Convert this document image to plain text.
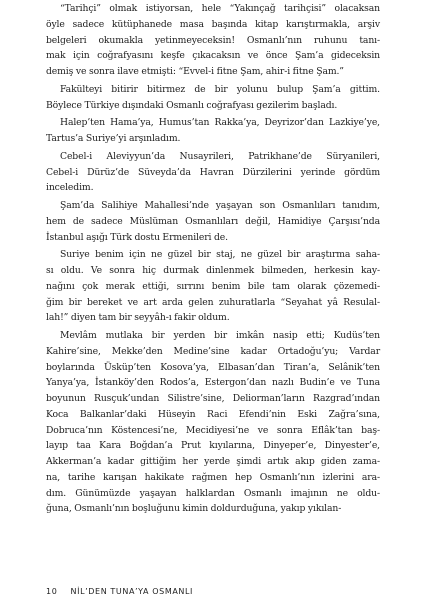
“Tarihçi” olmak istiyorsan, hele “Yakınçağ tarihçisi” olacaksan
öyle sadece kütüphanede masa başında kitap karıştırmakla, arşiv
belgeleri okumakla yetinmeyeceksin! Osmanlı’nın ruhunu tanı-
mak için coğrafyasını keşfe çıkacaksın ve önce Şam’a gideceksin
demiş ve sonra ilave etmişti: “Evvel-i fitne Şam, ahir-i fitne Şam.”
Fakülteyi bitirir bitirmez de bir yolunu bulup Şam’a gittim.
Böylece Türkiye dışındaki Osmanlı coğrafyası gezilerim başladı.
Halep’ten Hama’ya, Humus’tan Rakka’ya, Deyrizor’dan Lazkiye’ye,
Tartus’a Suriye’yi arşınladım.
Cebel-i Aleviyyun’da Nusayrileri, Patrikhane’de Süryanileri,
Cebel-i Dürüz’de Süveyda’da Havran Dürzilerini yerinde gördüm
inceledim.
Şam’da Salihiye Mahallesi’nde yaşayan son Osmanlıları tanıdım,
hem de sadece Müslüman Osmanlıları değil, Hamidiye Çarşısı’nda
İstanbul aşığı Türk dostu Ermenileri de.
Suriye benim için ne güzel bir staj, ne güzel bir araştırma saha-
sı oldu. Ve sonra hiç durmak dinlenmek bilmeden, herkesin kay-
nağını çok merak ettiği, sırrını benim bile tam olarak çözemedi-
ğim bir bereket ve art arda gelen zuhuratlarla “Seyahat yâ Resulal-
lah!” diyen tam bir seyyâh-ı fakir oldum.
Mevlâm mutlaka bir yerden bir imkân nasip etti; Kudüs’ten
Kahire’sine, Mekke’den Medine’sine kadar Ortadoğu’yu; Vardar
boylarında Üsküp’ten Kosova’ya, Elbasan’dan Tiran’a, Selânik’ten
Yanya’ya, İstanköy’den Rodos’a, Estergon’dan nazlı Budin’e ve Tuna
boyunun Rusçuk’undan Silistre’sine, Deliorman’ların Razgrad’ından
Koca Balkanlar’daki Hüseyin Raci Efendi’nin Eski Zağra’sına,
Dobruca’nın Köstencesi’ne, Mecidiyesi’ne ve sonra Eflâk’tan baş-
layıp taa Kara Boğdan’a Prut kıyılarına, Dinyeper’e, Dinyester’e,
Akkerman’a kadar gittiğim her yerde şimdi artık akıp giden zama-
na, tarihe karışan hakikate rağmen hep Osmanlı’nın izlerini ara-
dım. Günümüzde yaşayan halklardan Osmanlı imajının ne oldu-
ğuna, Osmanlı’nın boşluğunu kimin doldurduğuna, yakıp yıkılan-
10 NİL’DEN TUNA’YA OSMANLI
